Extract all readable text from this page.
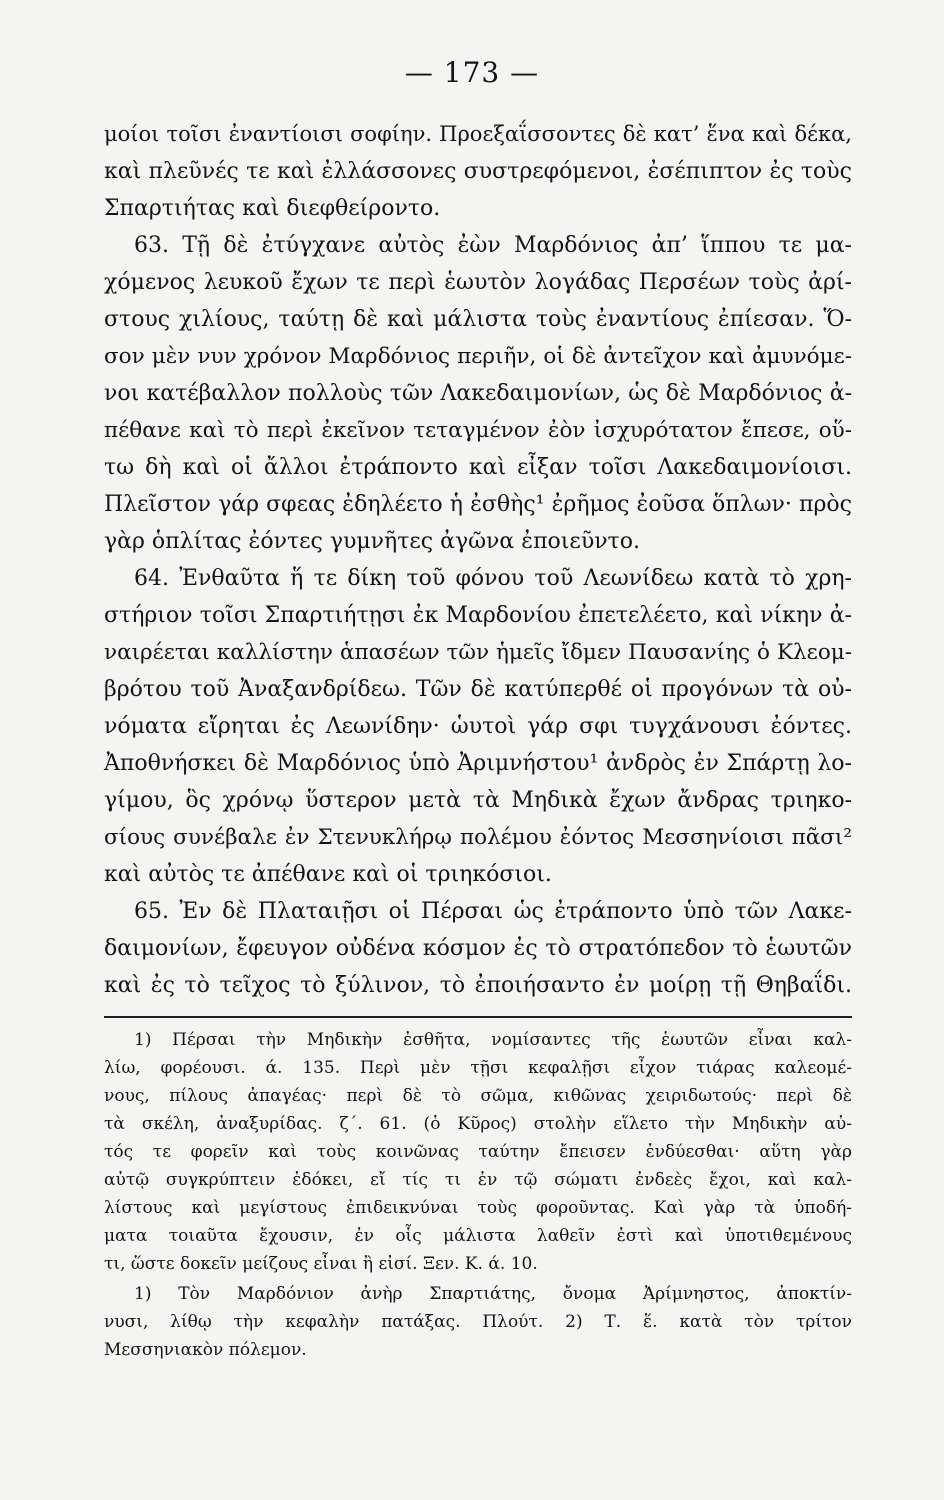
— 173 —
μοίοι τοῖσι ἐναντίοισι σοφίην. Προεξαΐσσοντες δὲ κατ’ ἕνα καὶ δέκα,
καὶ πλεῦνές τε καὶ ἐλλάσσονες συστρεφόμενοι, ἐσέπιπτον ἐς τοὺς
Σπαρτιήτας καὶ διεφθείροντο.
63. Τῇ δὲ ἐτύγχανε αὐτὸς ἐὼν Μαρδόνιος ἀπ’ ἵππου τε μα-
χόμενος λευκοῦ ἔχων τε περὶ ἑωυτὸν λογάδας Περσέων τοὺς ἀρί-
στους χιλίους, ταύτῃ δὲ καὶ μάλιστα τοὺς ἐναντίους ἐπίεσαν. Ὅ-
σον μὲν νυν χρόνον Μαρδόνιος περιῆν, οἱ δὲ ἀντεῖχον καὶ ἀμυνόμε-
νοι κατέβαλλον πολλοὺς τῶν Λακεδαιμονίων, ὡς δὲ Μαρδόνιος ἀ-
πέθανε καὶ τὸ περὶ ἐκεῖνον τεταγμένον ἐὸν ἰσχυρότατον ἔπεσε, οὕ-
τω δὴ καὶ οἱ ἄλλοι ἐτράποντο καὶ εἶξαν τοῖσι Λακεδαιμονίοισι.
Πλεῖστον γάρ σφεας ἐδηλέετο ἡ ἐσθὴς¹ ἐρῆμος ἐοῦσα ὅπλων· πρὸς
γὰρ ὁπλίτας ἐόντες γυμνῆτες ἀγῶνα ἐποιεῦντο.
64. Ἐνθαῦτα ἥ τε δίκη τοῦ φόνου τοῦ Λεωνίδεω κατὰ τὸ χρη-
στήριον τοῖσι Σπαρτιήτῃσι ἐκ Μαρδονίου ἐπετελέετο, καὶ νίκην ἀ-
ναιρέεται καλλίστην ἁπασέων τῶν ἡμεῖς ἴδμεν Παυσανίης ὁ Κλεομ-
βρότου τοῦ Ἀναξανδρίδεω. Τῶν δὲ κατύπερθέ οἱ προγόνων τὰ οὐ-
νόματα εἴρηται ἐς Λεωνίδην· ὡυτοὶ γάρ σφι τυγχάνουσι ἐόντες.
Ἀποθνήσκει δὲ Μαρδόνιος ὑπὸ Ἀριμνήστου¹ ἀνδρὸς ἐν Σπάρτῃ λο-
γίμου, ὃς χρόνῳ ὕστερον μετὰ τὰ Μηδικὰ ἔχων ἄνδρας τριηκο-
σίους συνέβαλε ἐν Στενυκλήρῳ πολέμου ἐόντος Μεσσηνίοισι πᾶσι²
καὶ αὐτὸς τε ἀπέθανε καὶ οἱ τριηκόσιοι.
65. Ἐν δὲ Πλαταιῇσι οἱ Πέρσαι ὡς ἐτράποντο ὑπὸ τῶν Λακε-
δαιμονίων, ἔφευγον οὐδένα κόσμον ἐς τὸ στρατόπεδον τὸ ἑωυτῶν
καὶ ἐς τὸ τεῖχος τὸ ξύλινον, τὸ ἐποιήσαντο ἐν μοίρῃ τῇ Θηβαΐδι.
1) Πέρσαι τὴν Μηδικὴν ἐσθῆτα, νομίσαντες τῆς ἑωυτῶν εἶναι καλ-
λίω, φορέουσι. ά. 135. Περὶ μὲν τῇσι κεφαλῇσι εἶχον τιάρας καλεομέ-
νους, πίλους ἀπαγέας· περὶ δὲ τὸ σῶμα, κιθῶνας χειριδωτούς· περὶ δὲ
τὰ σκέλη, ἀναξυρίδας. ζ΄. 61. (ὁ Κῦρος) στολὴν εἵλετο τὴν Μηδικὴν αὐ-
τός τε φορεῖν καὶ τοὺς κοινῶνας ταύτην ἔπεισεν ἐνδύεσθαι· αὕτη γὰρ
αὐτῷ συγκρύπτειν ἐδόκει, εἴ τίς τι ἐν τῷ σώματι ἐνδεὲς ἔχοι, καὶ καλ-
λίστους καὶ μεγίστους ἐπιδεικνύναι τοὺς φοροῦντας. Καὶ γὰρ τὰ ὑποδή-
ματα τοιαῦτα ἔχουσιν, ἐν οἷς μάλιστα λαθεῖν ἐστὶ καὶ ὑποτιθεμένους
τι, ὥστε δοκεῖν μείζους εἶναι ἢ εἰσί. Ξεν. Κ. ά. 10.
1) Τὸν Μαρδόνιον ἀνὴρ Σπαρτιάτης, ὄνομα Ἀρίμνηστος, ἀποκτίν-
νυσι, λίθῳ τὴν κεφαλὴν πατάξας. Πλούτ. 2) Τ. ἕ. κατὰ τὸν τρίτον
Μεσσηνιακὸν πόλεμον.
